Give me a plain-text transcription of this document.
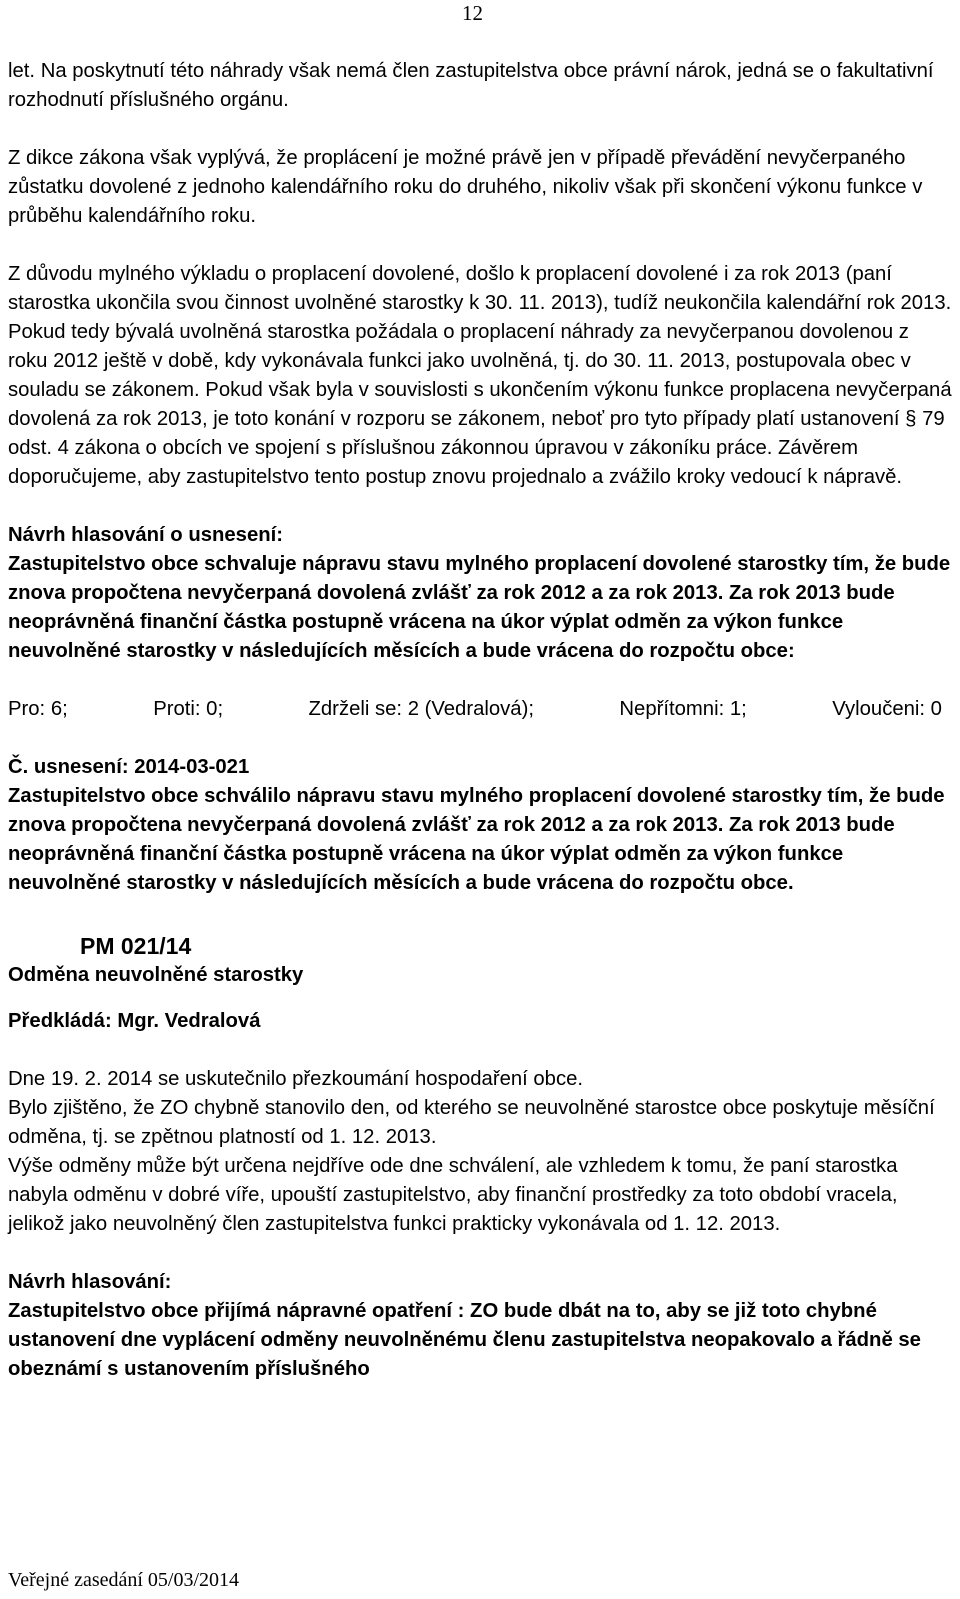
12

let. Na poskytnutí této náhrady však nemá člen zastupitelstva obce právní nárok, jedná se o fakultativní rozhodnutí příslušného orgánu.

Z dikce zákona však vyplývá, že proplácení je možné právě jen v případě převádění nevyčerpaného zůstatku dovolené z jednoho kalendářního roku do druhého, nikoliv však při skončení výkonu funkce v průběhu kalendářního roku.

Z důvodu mylného výkladu o proplacení dovolené, došlo k proplacení dovolené i za rok 2013 (paní starostka ukončila svou činnost uvolněné starostky k 30. 11. 2013), tudíž neukončila kalendářní rok 2013. Pokud tedy bývalá uvolněná starostka požádala o proplacení náhrady za nevyčerpanou dovolenou z roku 2012 ještě v době, kdy vykonávala funkci jako uvolněná, tj. do 30. 11. 2013, postupovala obec v souladu se zákonem. Pokud však byla v souvislosti s ukončením výkonu funkce proplacena nevyčerpaná dovolená za rok 2013, je toto konání v rozporu se zákonem, neboť pro tyto případy platí ustanovení § 79 odst. 4 zákona o obcích ve spojení s příslušnou zákonnou úpravou v zákoníku práce. Závěrem doporučujeme, aby zastupitelstvo tento postup znovu projednalo a zvážilo kroky vedoucí k nápravě.

Návrh hlasování o usnesení:

Zastupitelstvo obce schvaluje nápravu stavu mylného proplacení dovolené starostky tím, že bude znova propočtena nevyčerpaná dovolená zvlášť za rok 2012 a za rok 2013. Za rok 2013 bude neoprávněná finanční částka postupně vrácena na úkor výplat odměn za výkon funkce neuvolněné starostky v následujících měsících a bude vrácena do rozpočtu obce:

Pro: 6;	Proti: 0;	Zdrželi se: 2 (Vedralová);	Nepřítomni: 1;	Vyloučeni: 0

Č. usnesení: 2014-03-021

Zastupitelstvo obce schválilo nápravu stavu mylného proplacení dovolené starostky tím, že bude znova propočtena nevyčerpaná dovolená zvlášť za rok 2012 a za rok 2013. Za rok 2013 bude neoprávněná finanční částka postupně vrácena na úkor výplat odměn za výkon funkce neuvolněné starostky v následujících měsících a bude vrácena do rozpočtu obce.

PM 021/14

Odměna neuvolněné starostky

Předkládá: Mgr. Vedralová

Dne 19. 2. 2014 se uskutečnilo přezkoumání hospodaření obce.

Bylo zjištěno, že ZO chybně stanovilo den, od kterého se neuvolněné starostce obce poskytuje měsíční odměna, tj. se zpětnou platností od 1. 12. 2013.

Výše odměny může být určena nejdříve ode dne schválení, ale vzhledem k tomu, že paní starostka nabyla odměnu v dobré víře, upouští zastupitelstvo, aby finanční prostředky za toto období vracela, jelikož jako neuvolněný člen zastupitelstva funkci prakticky vykonávala od 1. 12. 2013.

Návrh hlasování:

Zastupitelstvo obce přijímá nápravné opatření : ZO bude dbát na to, aby se již toto chybné ustanovení dne vyplácení odměny neuvolněnému členu zastupitelstva neopakovalo a řádně se obeznámí s ustanovením příslušného

Veřejné zasedání 05/03/2014
